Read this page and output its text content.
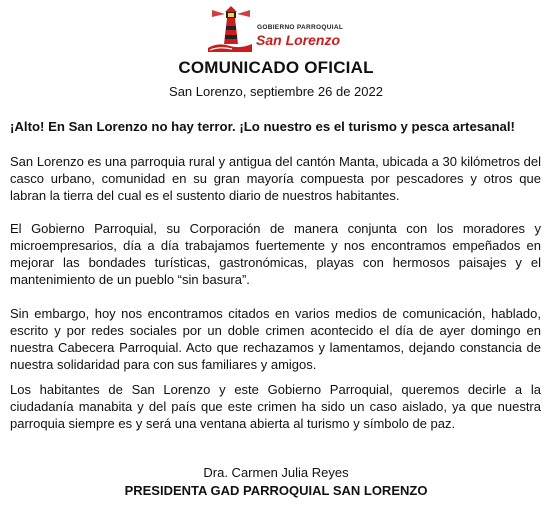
GOBIERNO PARROQUIAL
San Lorenzo
COMUNICADO OFICIAL
San Lorenzo, septiembre 26 de 2022
¡Alto! En San Lorenzo no hay terror. ¡Lo nuestro es el turismo y pesca artesanal!
San Lorenzo es una parroquia rural y antigua del cantón Manta, ubicada a 30 kilómetros del casco urbano, comunidad en su gran mayoría compuesta por pescadores y otros que labran la tierra del cual es el sustento diario de nuestros habitantes.
El Gobierno Parroquial, su Corporación de manera conjunta con los moradores y microempresarios, día a día trabajamos fuertemente y nos encontramos empeñados en mejorar las bondades turísticas, gastronómicas, playas con hermosos paisajes y el mantenimiento de un pueblo “sin basura”.
Sin embargo, hoy nos encontramos citados en varios medios de comunicación, hablado, escrito y por redes sociales por un doble crimen acontecido el día de ayer domingo en nuestra Cabecera Parroquial. Acto que rechazamos y lamentamos, dejando constancia de nuestra solidaridad para con sus familiares y amigos.
Los habitantes de San Lorenzo y este Gobierno Parroquial, queremos decirle a la ciudadanía manabita y del país que este crimen ha sido un caso aislado, ya que nuestra parroquia siempre es y será una ventana abierta al turismo y símbolo de paz.
Dra. Carmen Julia Reyes
PRESIDENTA GAD PARROQUIAL SAN LORENZO
